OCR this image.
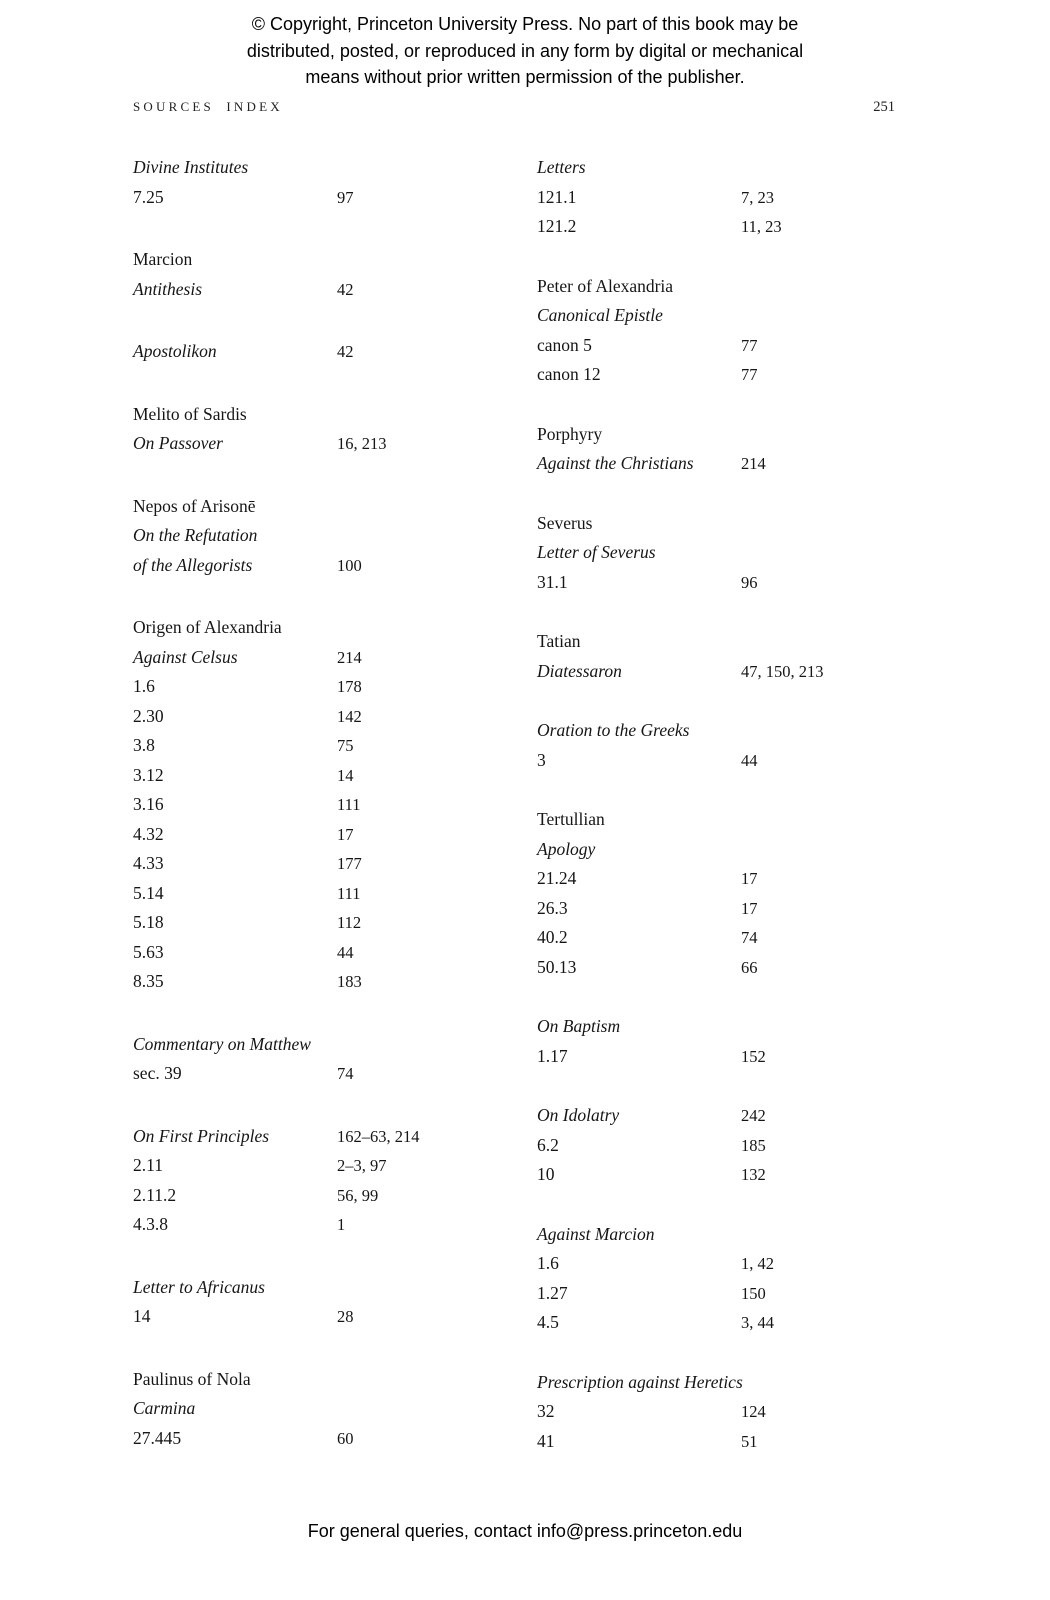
© Copyright, Princeton University Press. No part of this book may be
distributed, posted, or reproduced in any form by digital or mechanical
means without prior written permission of the publisher.
SOURCES INDEX	251
Divine Institutes
7.25	97
Marcion
Antithesis	42
Apostolikon	42
Melito of Sardis
On Passover	16, 213
Nepos of Arisonē
On the Refutation
of the Allegorists	100
Origen of Alexandria
Against Celsus	214
1.6	178
2.30	142
3.8	75
3.12	14
3.16	111
4.32	17
4.33	177
5.14	111
5.18	112
5.63	44
8.35	183
Commentary on Matthew
sec. 39	74
On First Principles	162–63, 214
2.11	2–3, 97
2.11.2	56, 99
4.3.8	1
Letter to Africanus
14	28
Paulinus of Nola
Carmina
27.445	60
Letters
121.1	7, 23
121.2	11, 23
Peter of Alexandria
Canonical Epistle
canon 5	77
canon 12	77
Porphyry
Against the Christians	214
Severus
Letter of Severus
31.1	96
Tatian
Diatessaron	47, 150, 213
Oration to the Greeks
3	44
Tertullian
Apology
21.24	17
26.3	17
40.2	74
50.13	66
On Baptism
1.17	152
On Idolatry	242
6.2	185
10	132
Against Marcion
1.6	1, 42
1.27	150
4.5	3, 44
Prescription against Heretics
32	124
41	51
For general queries, contact info@press.princeton.edu
